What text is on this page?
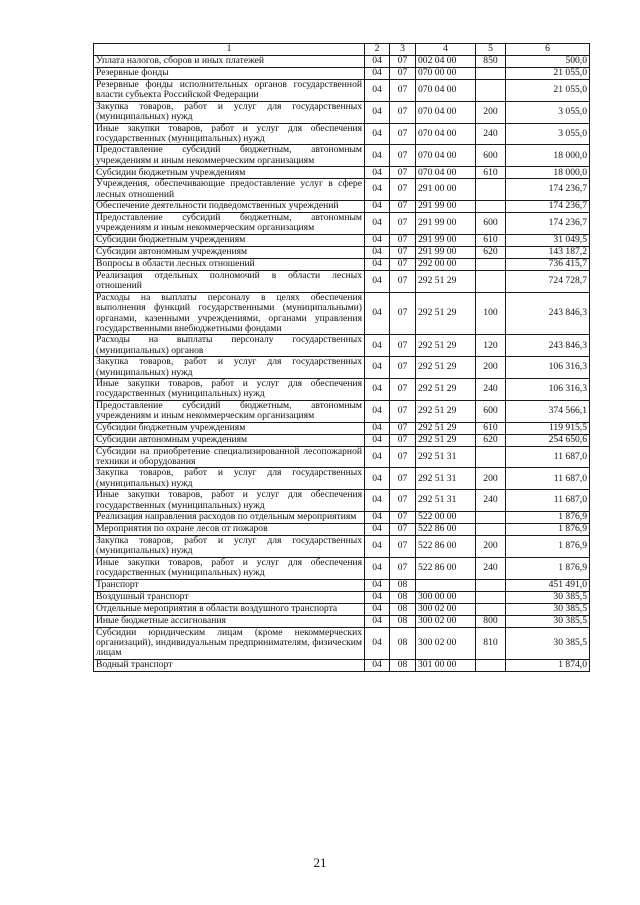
1	2	3	4	5	6
Уплата налогов, сборов и иных платежей	04	07	002 04 00	850	500,0
Резервные фонды	04	07	070 00 00		21 055,0
Резервные фонды исполнительных органов государственной власти субъекта Российской Федерации	04	07	070 04 00		21 055,0
Закупка товаров, работ и услуг для государственных (муниципальных) нужд	04	07	070 04 00	200	3 055,0
Иные закупки товаров, работ и услуг для обеспечения государственных (муниципальных) нужд	04	07	070 04 00	240	3 055,0
Предоставление субсидий бюджетным, автономным учреждениям и иным некоммерческим организациям	04	07	070 04 00	600	18 000,0
Субсидии бюджетным учреждениям	04	07	070 04 00	610	18 000,0
Учреждения, обеспечивающие предоставление услуг в сфере лесных отношений	04	07	291 00 00		174 236,7
Обеспечение деятельности подведомственных учреждений	04	07	291 99 00		174 236,7
Предоставление субсидий бюджетным, автономным учреждениям и иным некоммерческим организациям	04	07	291 99 00	600	174 236,7
Субсидии бюджетным учреждениям	04	07	291 99 00	610	31 049,5
Субсидии автономным учреждениям	04	07	291 99 00	620	143 187,2
Вопросы в области лесных отношений	04	07	292 00 00		736 415,7
Реализация отдельных полномочий в области лесных отношений	04	07	292 51 29		724 728,7
Расходы на выплаты персоналу в целях обеспечения выполнения функций государственными (муниципальными) органами, казенными учреждениями, органами управления государственными внебюджетными фондами	04	07	292 51 29	100	243 846,3
Расходы на выплаты персоналу государственных (муниципальных) органов	04	07	292 51 29	120	243 846,3
Закупка товаров, работ и услуг для государственных (муниципальных) нужд	04	07	292 51 29	200	106 316,3
Иные закупки товаров, работ и услуг для обеспечения государственных (муниципальных) нужд	04	07	292 51 29	240	106 316,3
Предоставление субсидий бюджетным, автономным учреждениям и иным некоммерческим организациям	04	07	292 51 29	600	374 566,1
Субсидии бюджетным учреждениям	04	07	292 51 29	610	119 915,5
Субсидии автономным учреждениям	04	07	292 51 29	620	254 650,6
Субсидии на приобретение специализированной лесопожарной техники и оборудования	04	07	292 51 31		11 687,0
Закупка товаров, работ и услуг для государственных (муниципальных) нужд	04	07	292 51 31	200	11 687,0
Иные закупки товаров, работ и услуг для обеспечения государственных (муниципальных) нужд	04	07	292 51 31	240	11 687,0
Реализация направления расходов по отдельным мероприятиям	04	07	522 00 00		1 876,9
Мероприятия по охране лесов от пожаров	04	07	522 86 00		1 876,9
Закупка товаров, работ и услуг для государственных (муниципальных) нужд	04	07	522 86 00	200	1 876,9
Иные закупки товаров, работ и услуг для обеспечения государственных (муниципальных) нужд	04	07	522 86 00	240	1 876,9
Транспорт	04	08			451 491,0
Воздушный транспорт	04	08	300 00 00		30 385,5
Отдельные мероприятия в области воздушного транспорта	04	08	300 02 00		30 385,5
Иные бюджетные ассигнования	04	08	300 02 00	800	30 385,5
Субсидии юридическим лицам (кроме некоммерческих организаций), индивидуальным предпринимателям, физическим лицам	04	08	300 02 00	810	30 385,5
Водный транспорт	04	08	301 00 00		1 874,0
21
